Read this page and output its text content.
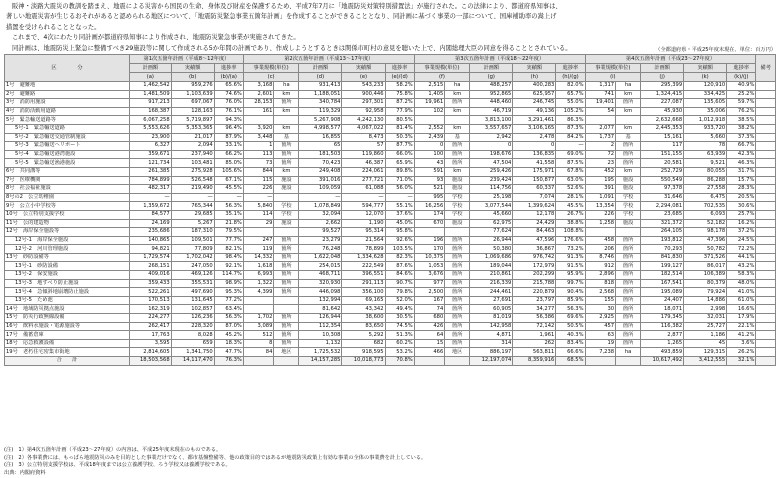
阪神・淡路大震災の教訓を踏まえ、地震による災害から国民の生命、身体及び財産を保護するため、平成7年7月に「地震防災対策特別措置法」が施行された。この法律により、都道府県知事は、

著しい地震災害が生じるおそれがあると認められる地区について、「地震防災緊急事業五箇年計画」を作成することができることとなり、同計画に基づく事業の一部について、国庫補助率の嵩上げ

措置を受けられることとなった。

これまで、4次にわたり同計画が都道府県知事により作成され、地震防災緊急事業が実施されてきた。

同計画は、地震防災上緊急に整備すべき29施設等に関して作成される5か年間の計画であり、作成しようとするときは関係市町村の意見を聴いた上で、内閣総理大臣の同意を得ることとされている。	（全都道府県・平成25年度末現在、単位：百万円）
区　　　　分	第1次五箇年計画（平成8～12年度）			第2次五箇年計画（平成13～17年度）					第3次五箇年計画（平成18～22年度）					第4次五箇年計画（平成23～27年度）					備考
	計画額	実績額	進捗率	事業規模(単位)		計画額	実績額	進捗率	事業規模(単位)		計画額	実績額	進捗率	事業規模(単位)		計画額	実績額	進捗率	
	(a)	(b)	(b)/(a)	(c)		(d)	(e)	(e)/(d)	(f)		(g)	(h)	(h)/(g)	(i)		(j)	(k)	(k)/(j)	
1号　避難地	1,462,542	959,276	65.6%	3,168	ha	931,413	543,233	58.2%	2,515	ha	488,257	400,283	82.0%	1,317	ha	295,399	120,910	40.9%	
2号　避難路	1,481,509	1,103,639	74.6%	2,601	km	1,188,051	900,446	75.8%	1,405	km	952,865	625,957	65.7%	741	km	1,324,415	334,425	25.2%	
3号　消防用施設	917,213	697,067	76.0%	28,153	箇所	340,784	297,301	87.2%	19,961	箇所	448,460	246,745	55.0%	19,401	箇所	227,087	135,605	59.7%	
4号　消防活動用道路	168,387	128,163	76.1%	161	km	119,329	92,958	77.9%	102	km	46,719	49,136	105.2%	54	km	45,930	35,006	76.2%	
5号　緊急輸送道路等	6,067,258	5,719,897	94.3%			5,267,908	4,242,130	80.5%			3,813,100	3,291,461	86.3%			2,632,668	1,012,918	38.5%	
5号-1　緊急輸送道路	5,553,626	5,353,365	96.4%	3,920	km	4,998,577	4,067,022	81.4%	2,552	km	3,557,657	3,106,165	87.3%	2,077	km	2,445,353	933,720	38.2%	
5号-2　緊急輸送交通管制施設	23,900	21,017	87.9%	3,448	基	16,855	8,473	50.3%	2,439	基	2,942	2,478	84.2%	1,737	基	15,161	5,660	37.3%	
5号-3　緊急輸送ヘリポート	6,327	2,094	33.1%	1	箇所	65	57	87.7%	0	箇所	0	0	—	2	箇所	117	78	66.7%	
5号-4　緊急輸送港湾施設	359,671	237,940	66.2%	113	箇所	181,503	119,860	66.0%	100	箇所	198,676	136,835	69.0%	72	箇所	151,155	63,939	42.3%	
5号-5　緊急輸送漁港施設	121,734	103,481	85.0%	73	箇所	70,423	46,387	65.9%	43	箇所	47,504	41,558	87.5%	23	箇所	20,581	9,521	46.3%	
6号　共同溝等	261,385	275,928	105.6%	844	km	249,408	224,061	89.8%	591	km	259,426	175,971	67.8%	452	km	252,729	80,055	31.7%	
7号　医療機関	784,899	526,548	67.1%	115	施設	391,016	277,721	71.0%	93	施設	239,424	150,877	63.0%	195	施設	550,549	86,288	15.7%	
8号　社会福祉施設	482,317	219,490	45.5%	226	施設	109,059	61,088	56.0%	521	施設	114,756	60,337	52.6%	391	施設	97,378	27,558	28.3%	
8号の2　公立幼稚園	—	—	—	—		—	—	—	995	学校	25,198	7,074	28.1%	1,091	学校	31,646	6,475	20.5%	
9号　公立小中学校等	1,359,672	765,344	56.3%	5,840	学校	1,078,849	594,777	55.1%	16,256	学校	3,077,544	1,399,624	45.5%	13,354	学校	2,294,081	702,535	30.6%	
10号　公立特別支援学校	84,577	29,685	35.1%	114	学校	32,094	12,070	37.6%	174	学校	45,660	12,178	26.7%	226	学校	23,685	6,093	25.7%	
11号　公的建造物	24,169	5,267	21.8%	29	施設	2,662	1,190	45.0%	670	施設	62,975	24,429	38.8%	1,258	施設	321,372	52,182	16.2%	
12号　海岸保全施設等	235,686	187,310	79.5%			99,527	95,314	95.8%			77,624	84,463	108.8%			264,105	98,178	37.2%	
12号-1　海岸保全施設	140,865	109,501	77.7%	247	箇所	23,279	21,564	92.6%	196	箇所	26,944	47,596	176.6%	458	箇所	193,812	47,396	24.5%	
12号-2　河川管理施設	94,821	77,809	82.1%	119	箇所	76,248	78,899	103.5%	170	箇所	50,380	36,867	73.2%	206	箇所	70,293	50,782	72.2%	
13号　砂防設備等	1,729,574	1,702,042	98.4%	14,332	箇所	1,622,048	1,334,628	82.3%	10,375	箇所	1,069,686	976,742	91.3%	8,746	箇所	841,830	371,526	44.1%	
13号-1　砂防設備	268,151	247,050	92.1%	1,618	箇所	254,015	222,549	87.6%	1,053	箇所	189,044	172,979	91.5%	912	箇所	199,127	86,017	43.2%	
13号-2　保安施設	409,016	469,126	114.7%	6,993	箇所	468,711	396,551	84.6%	3,676	箇所	210,861	202,299	95.9%	2,896	箇所	182,514	106,389	58.3%	
13号-3　地すべり防止施設	359,433	355,531	98.9%	1,322	箇所	320,930	291,113	90.7%	977	箇所	216,339	215,788	99.7%	818	箇所	167,541	80,379	48.0%	
13号-4　急傾斜地崩壊防止施設	522,261	497,690	95.3%	4,399	箇所	446,098	356,100	79.8%	2,500	箇所	244,461	220,879	90.4%	2,568	箇所	195,089	79,924	41.0%	
13号-5　ため池	170,513	131,645	77.2%			132,994	69,165	52.0%	167	箇所	27,691	23,797	85.9%	155	箇所	24,407	14,886	61.0%	
14号　地域防災拠点施設	162,319	102,857	63.4%			81,642	43,342	49.4%	74	箇所	60,905	34,277	56.3%	30	箇所	18,071	2,998	16.6%	
15号　防災行政無線設備	224,277	126,236	56.3%	1,702	箇所	126,944	38,600	30.5%	680	箇所	81,019	56,386	69.6%	2,925	箇所	179,345	32,031	17.9%	
16号　飲料水施設・電源施設等	262,417	228,320	87.0%	3,089	箇所	112,354	83,650	74.5%	426	箇所	142,958	72,142	50.5%	457	箇所	116,382	25,727	22.1%	
17号　備蓄倉庫	17,763	8,028	45.2%	512	箇所	10,308	5,292	51.3%	64	箇所	4,871	1,961	40.3%	63	箇所	2,877	1,186	41.2%	
18号　応急救護設備	3,595	659	18.3%	8	箇所	1,132	682	60.2%	15	箇所	314	262	83.4%	19	箇所	1,265	45	3.6%	
19号　老朽住宅密集市街地	2,814,605	1,341,750	47.7%	84	地区	1,725,532	918,595	53.2%	466	地区	886,197	563,811	66.6%	7,238	ha	493,859	129,315	26.2%	
合　　計	18,503,568	14,117,470	76.3%			14,157,285	10,018,773	70.8%			12,197,074	8,359,916	68.5%			10,617,492	3,412,555	32.1%	

(注)　1）第4次五箇年計画（平成23～27年度）の内容は、平成25年度末現在のものである。

(注)　2）各事業費には、もっぱら地震防災のみを目的とした事業だけでなく、都市基盤整備等、他の政策目的ではあるが地震防災政策上有効な事業の全体の事業費を計上している。

(注)　3）公立特別支援学校は、平成18年度までは公立養護学校、ろう学校又は養護学校である。

出典：内閣府資料
